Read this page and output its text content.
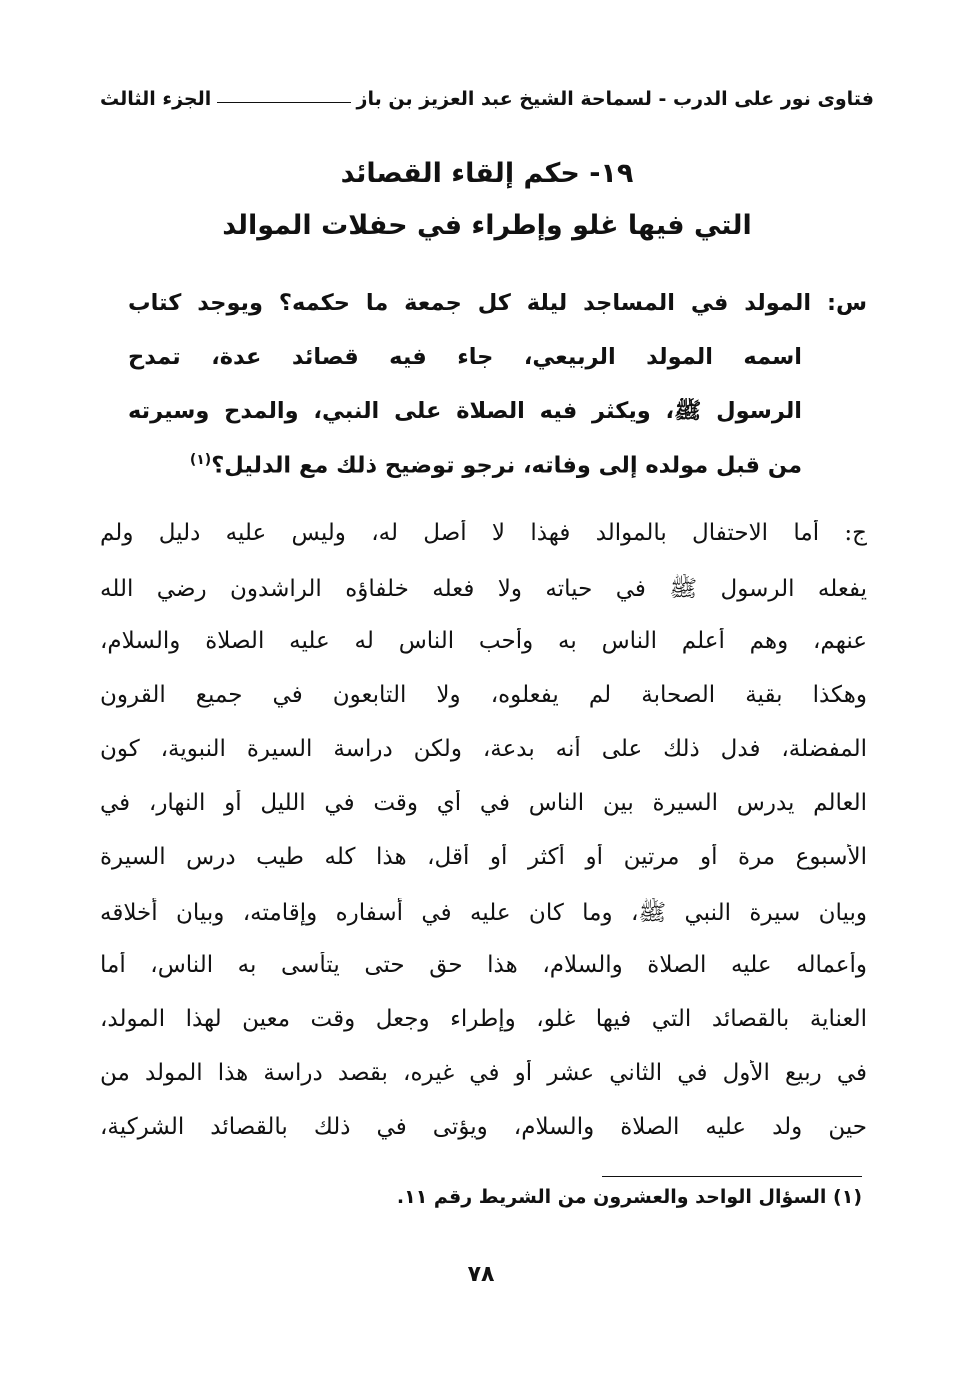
فتاوى نور على الدرب - لسماحة الشيخ عبد العزيز بن باز
الجزء الثالث
١٩- حكم إلقاء القصائد
التي فيها غلو وإطراء في حفلات الموالد
س: المولد في المساجد ليلة كل جمعة ما حكمه؟ ويوجد كتاب
اسمه المولد الربيعي، جاء فيه قصائد عدة، تمدح
الرسول ﷺ، ويكثر فيه الصلاة على النبي، والمدح وسيرته
من قبل مولده إلى وفاته، نرجو توضيح ذلك مع الدليل؟$^{(١)}$
ج: أما الاحتفال بالموالد فهذا لا أصل له، وليس عليه دليل ولم
يفعله الرسول ﷺ في حياته ولا فعله خلفاؤه الراشدون رضي الله
عنهم، وهم أعلم الناس به وأحب الناس له عليه الصلاة والسلام،
وهكذا بقية الصحابة لم يفعلوه، ولا التابعون في جميع القرون
المفضلة، فدل ذلك على أنه بدعة، ولكن دراسة السيرة النبوية، كون
العالم يدرس السيرة بين الناس في أي وقت في الليل أو النهار، في
الأسبوع مرة أو مرتين أو أكثر أو أقل، هذا كله طيب درس السيرة
وبيان سيرة النبي ﷺ، وما كان عليه في أسفاره وإقامته، وبيان أخلاقه
وأعماله عليه الصلاة والسلام، هذا حق حتى يتأسى به الناس، أما
العناية بالقصائد التي فيها غلو، وإطراء وجعل وقت معين لهذا المولد،
في ربيع الأول في الثاني عشر أو في غيره، بقصد دراسة هذا المولد من
حين ولد عليه الصلاة والسلام، ويؤتى في ذلك بالقصائد الشركية،
(١) السؤال الواحد والعشرون من الشريط رقم ١١.
٧٨
